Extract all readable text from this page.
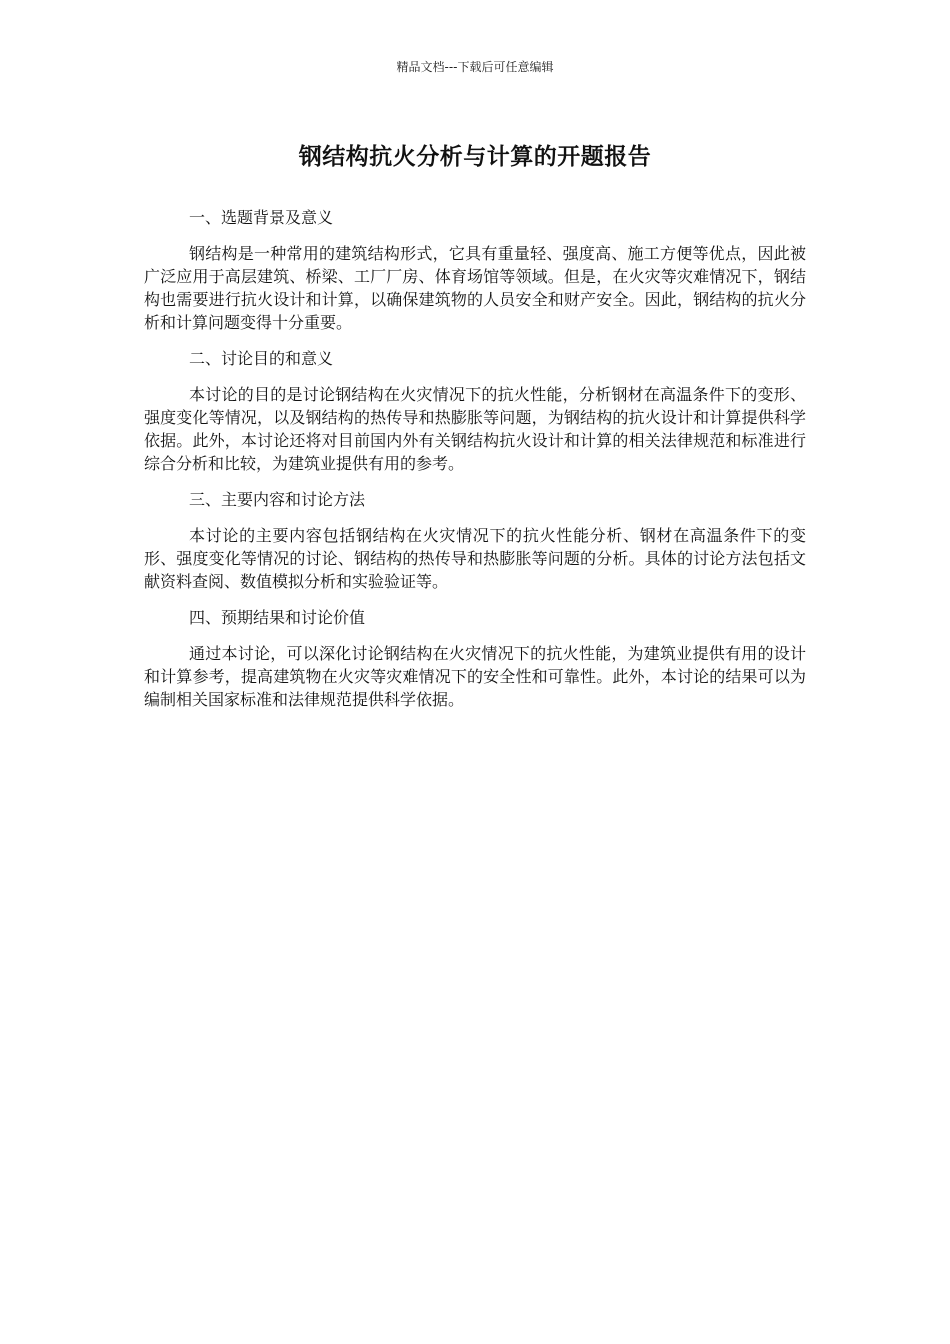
精品文档---下载后可任意编辑
钢结构抗火分析与计算的开题报告

一、选题背景及意义

钢结构是一种常用的建筑结构形式，它具有重量轻、强度高、施工方便等优点，因此被广泛应用于高层建筑、桥梁、工厂厂房、体育场馆等领域。但是，在火灾等灾难情况下，钢结构也需要进行抗火设计和计算，以确保建筑物的人员安全和财产安全。因此，钢结构的抗火分析和计算问题变得十分重要。

二、讨论目的和意义

本讨论的目的是讨论钢结构在火灾情况下的抗火性能，分析钢材在高温条件下的变形、强度变化等情况，以及钢结构的热传导和热膨胀等问题，为钢结构的抗火设计和计算提供科学依据。此外，本讨论还将对目前国内外有关钢结构抗火设计和计算的相关法律规范和标准进行综合分析和比较，为建筑业提供有用的参考。

三、主要内容和讨论方法

本讨论的主要内容包括钢结构在火灾情况下的抗火性能分析、钢材在高温条件下的变形、强度变化等情况的讨论、钢结构的热传导和热膨胀等问题的分析。具体的讨论方法包括文献资料查阅、数值模拟分析和实验验证等。

四、预期结果和讨论价值

通过本讨论，可以深化讨论钢结构在火灾情况下的抗火性能，为建筑业提供有用的设计和计算参考，提高建筑物在火灾等灾难情况下的安全性和可靠性。此外，本讨论的结果可以为编制相关国家标准和法律规范提供科学依据。
